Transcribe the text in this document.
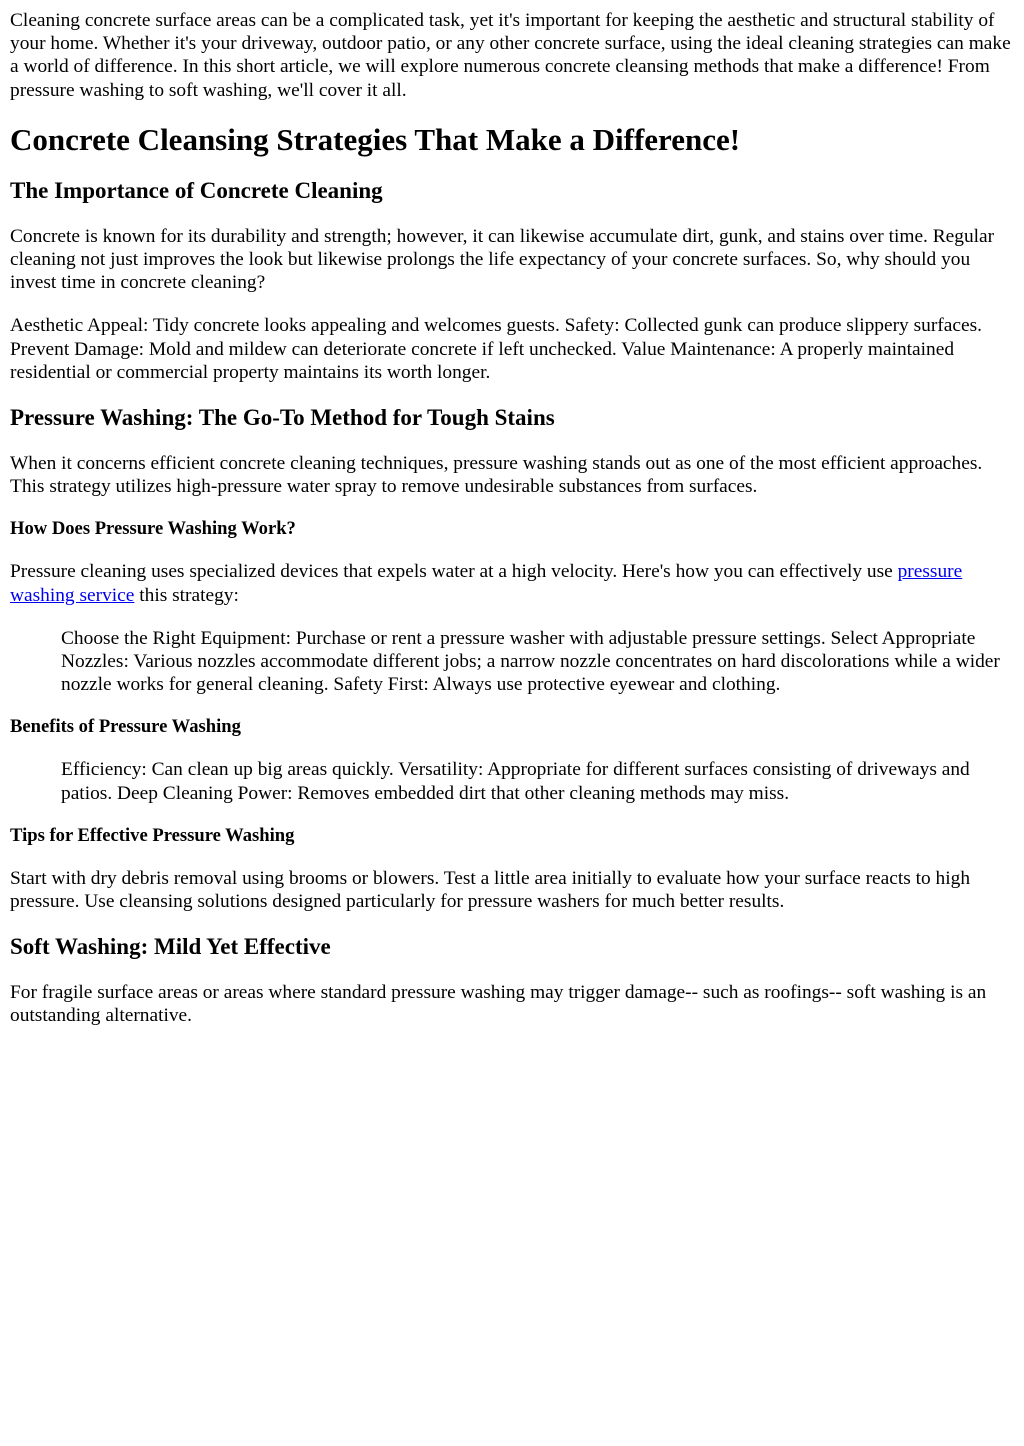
Cleaning concrete surface areas can be a complicated task, yet it's important for keeping the aesthetic and structural stability of your home. Whether it's your driveway, outdoor patio, or any other concrete surface, using the ideal cleaning strategies can make a world of difference. In this short article, we will explore numerous concrete cleansing methods that make a difference! From pressure washing to soft washing, we'll cover it all.

Concrete Cleansing Strategies That Make a Difference!
The Importance of Concrete Cleaning

Concrete is known for its durability and strength; however, it can likewise accumulate dirt, gunk, and stains over time. Regular cleaning not just improves the look but likewise prolongs the life expectancy of your concrete surfaces. So, why should you invest time in concrete cleaning?

Aesthetic Appeal: Tidy concrete looks appealing and welcomes guests. Safety: Collected gunk can produce slippery surfaces. Prevent Damage: Mold and mildew can deteriorate concrete if left unchecked. Value Maintenance: A properly maintained residential or commercial property maintains its worth longer.

Pressure Washing: The Go-To Method for Tough Stains

When it concerns efficient concrete cleaning techniques, pressure washing stands out as one of the most efficient approaches. This strategy utilizes high-pressure water spray to remove undesirable substances from surfaces.

How Does Pressure Washing Work?

Pressure cleaning uses specialized devices that expels water at a high velocity. Here's how you can effectively use pressure washing service this strategy:

Choose the Right Equipment: Purchase or rent a pressure washer with adjustable pressure settings. Select Appropriate Nozzles: Various nozzles accommodate different jobs; a narrow nozzle concentrates on hard discolorations while a wider nozzle works for general cleaning. Safety First: Always use protective eyewear and clothing.

Benefits of Pressure Washing

Efficiency: Can clean up big areas quickly. Versatility: Appropriate for different surfaces consisting of driveways and patios. Deep Cleaning Power: Removes embedded dirt that other cleaning methods may miss.

Tips for Effective Pressure Washing

Start with dry debris removal using brooms or blowers. Test a little area initially to evaluate how your surface reacts to high pressure. Use cleansing solutions designed particularly for pressure washers for much better results.

Soft Washing: Mild Yet Effective

For fragile surface areas or areas where standard pressure washing may trigger damage-- such as roofings-- soft washing is an outstanding alternative.
